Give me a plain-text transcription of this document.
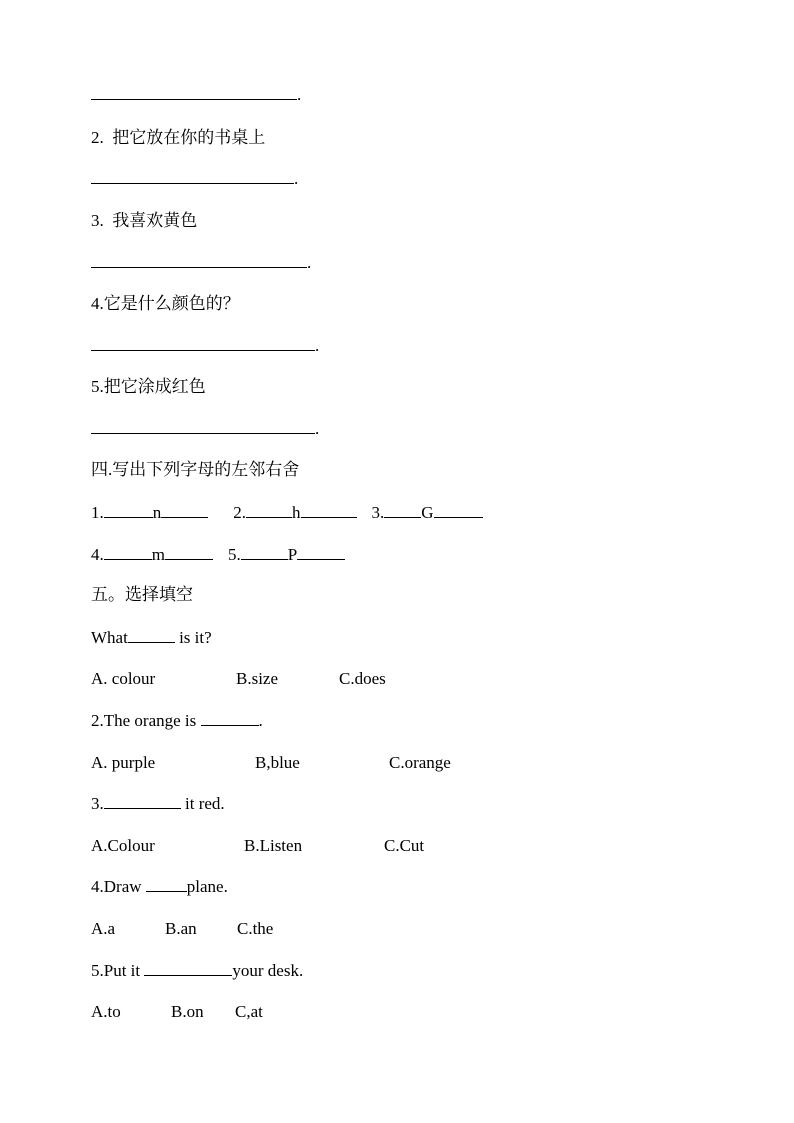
.
2. 把它放在你的书桌上
.
3. 我喜欢黄色
.
4.它是什么颜色的？
.
5.把它涂成红色
.
四.写出下列字母的左邻右舍
1.	n	2.	h	3. G
4.	m	5.	P
五。选择填空
What	is it?
A. colour	B.size	C.does
2.The orange is	.
A. purple	B,blue	C.orange
3.	it red.
A.Colour	B.Listen	C.Cut
4.Draw plane.
A.a	B.an C.the
5.Put it	your desk.
A.to	B.on C,at
